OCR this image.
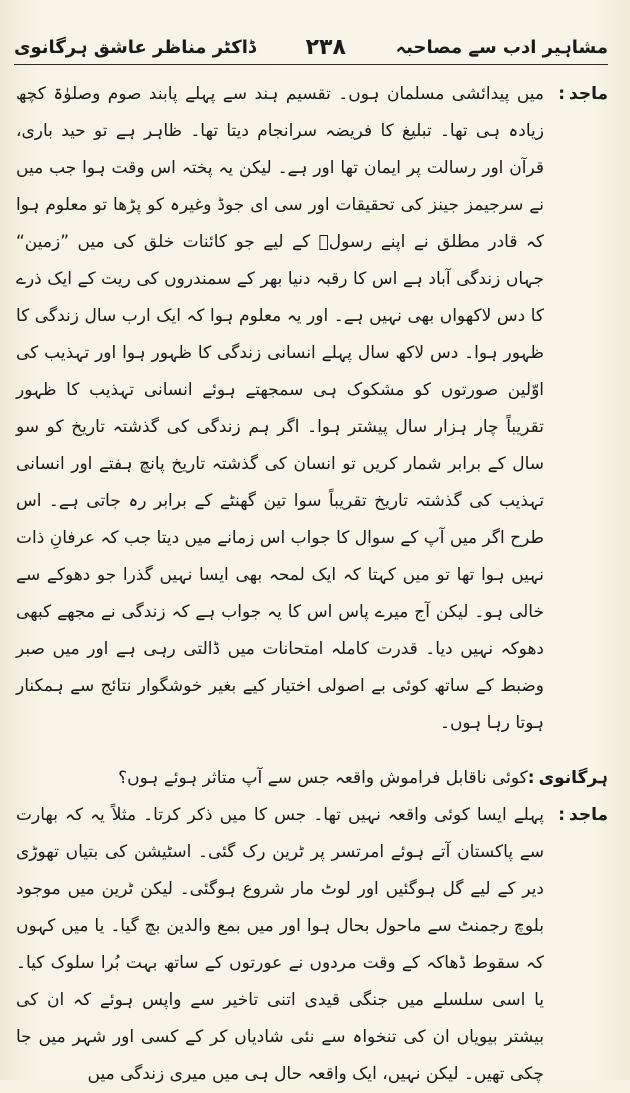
مشاہیر ادب سے مصاحبہ
۲۳۸
ڈاکٹر مناظر عاشق ہرگانوی
ماجد:
میں پیدائشی مسلمان ہوں۔ تقسیم ہند سے پہلے پابند صوم وصلوٰۃ کچھ زیادہ ہی تھا۔ تبلیغ کا فریضہ سرانجام دیتا تھا۔ ظاہر ہے تو حید باری، قرآن اور رسالت پر ایمان تھا اور ہے۔ لیکن یہ پختہ اس وقت ہوا جب میں نے سرجیمز جینز کی تحقیقات اور سی ای جوڈ وغیرہ کو پڑھا تو معلوم ہوا کہ قادر مطلق نے اپنے رسولؐ کے لیے جو کائنات خلق کی میں ”زمین“ جہاں زندگی آباد ہے اس کا رقبہ دنیا بھر کے سمندروں کی ریت کے ایک ذرے کا دس لاکھواں بھی نہیں ہے۔ اور یہ معلوم ہوا کہ ایک ارب سال زندگی کا ظہور ہوا۔ دس لاکھ سال پہلے انسانی زندگی کا ظہور ہوا اور تہذیب کی اوّلین صورتوں کو مشکوک ہی سمجھتے ہوئے انسانی تہذیب کا ظہور تقریباً چار ہزار سال پیشتر ہوا۔ اگر ہم زندگی کی گذشتہ تاریخ کو سو سال کے برابر شمار کریں تو انسان کی گذشتہ تاریخ پانچ ہفتے اور انسانی تہذیب کی گذشتہ تاریخ تقریباً سوا تین گھنٹے کے برابر رہ جاتی ہے۔ اس طرح اگر میں آپ کے سوال کا جواب اس زمانے میں دیتا جب کہ عرفانِ ذات نہیں ہوا تھا تو میں کہتا کہ ایک لمحہ بھی ایسا نہیں گذرا جو دھوکے سے خالی ہو۔ لیکن آج میرے پاس اس کا یہ جواب ہے کہ زندگی نے مجھے کبھی دھوکہ نہیں دیا۔ قدرت کاملہ امتحانات میں ڈالتی رہی ہے اور میں صبر وضبط کے ساتھ کوئی بے اصولی اختیار کیے بغیر خوشگوار نتائج سے ہمکنار ہوتا رہا ہوں۔
ہرگانوی:
کوئی ناقابل فراموش واقعہ جس سے آپ متاثر ہوئے ہوں؟
ماجد:
پہلے ایسا کوئی واقعہ نہیں تھا۔ جس کا میں ذکر کرتا۔ مثلاً یہ کہ بھارت سے پاکستان آتے ہوئے امرتسر پر ٹرین رک گئی۔ اسٹیشن کی بتیاں تھوڑی دیر کے لیے گل ہوگئیں اور لوٹ مار شروع ہوگئی۔ لیکن ٹرین میں موجود بلوچ رجمنٹ سے ماحول بحال ہوا اور میں بمع والدین بچ گیا۔ یا میں کہوں کہ سقوط ڈھاکہ کے وقت مردوں نے عورتوں کے ساتھ بہت بُرا سلوک کیا۔ یا اسی سلسلے میں جنگی قیدی اتنی تاخیر سے واپس ہوئے کہ ان کی بیشتر بیویاں ان کی تنخواہ سے نئی شادیاں کر کے کسی اور شہر میں جا چکی تھیں۔ لیکن نہیں، ایک واقعہ حال ہی میں میری زندگی میں
